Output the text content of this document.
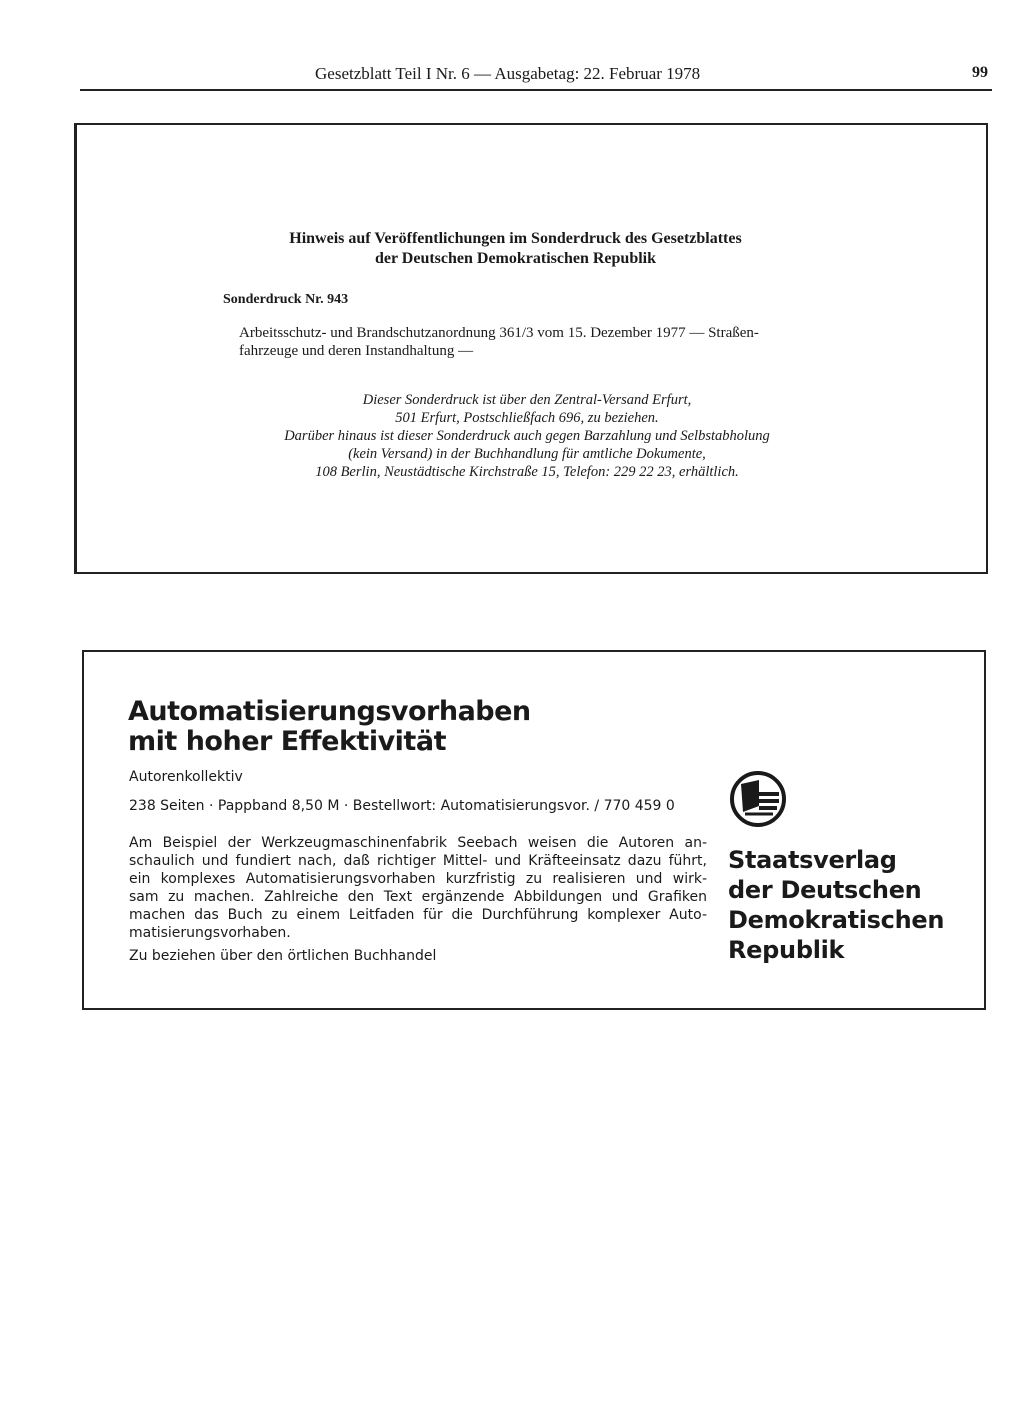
Gesetzblatt Teil I Nr. 6 — Ausgabetag: 22. Februar 1978	99
Hinweis auf Veröffentlichungen im Sonderdruck des Gesetzblattes
der Deutschen Demokratischen Republik
Sonderdruck Nr. 943
Arbeitsschutz- und Brandschutzanordnung 361/3 vom 15. Dezember 1977 — Straßen-
fahrzeuge und deren Instandhaltung —
Dieser Sonderdruck ist über den Zentral-Versand Erfurt,
501 Erfurt, Postschließfach 696, zu beziehen.
Darüber hinaus ist dieser Sonderdruck auch gegen Barzahlung und Selbstabholung
(kein Versand) in der Buchhandlung für amtliche Dokumente,
108 Berlin, Neustädtische Kirchstraße 15, Telefon: 229 22 23, erhältlich.
Automatisierungsvorhaben
mit hoher Effektivität
Autorenkollektiv
238 Seiten · Pappband 8,50 M · Bestellwort: Automatisierungsvor. / 770 459 0
Am Beispiel der Werkzeugmaschinenfabrik Seebach weisen die Autoren an-
schaulich und fundiert nach, daß richtiger Mittel- und Kräfteeinsatz dazu führt,
ein komplexes Automatisierungsvorhaben kurzfristig zu realisieren und wirk-
sam zu machen. Zahlreiche den Text ergänzende Abbildungen und Grafiken
machen das Buch zu einem Leitfaden für die Durchführung komplexer Auto-
matisierungsvorhaben.
Zu beziehen über den örtlichen Buchhandel
Staatsverlag
der Deutschen
Demokratischen
Republik
